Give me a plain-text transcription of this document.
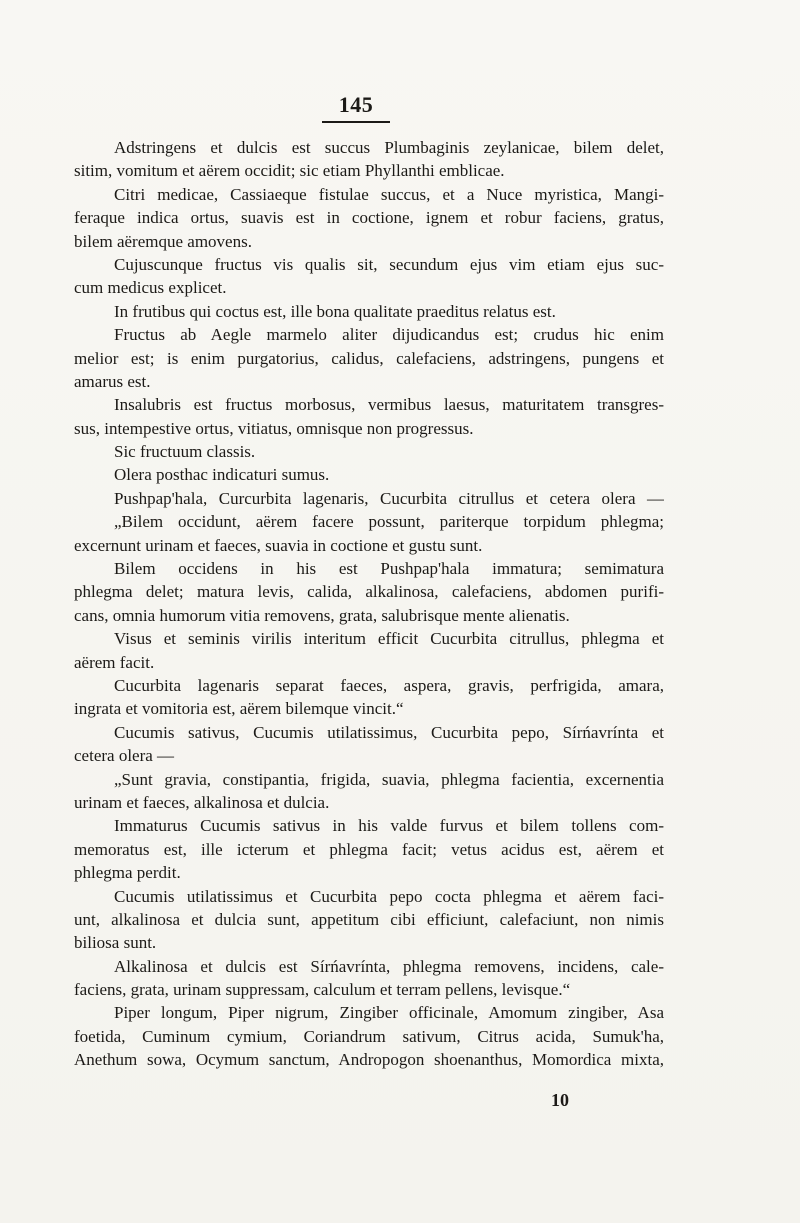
145
Adstringens et dulcis est succus Plumbaginis zeylanicae, bilem delet,
sitim, vomitum et aërem occidit; sic etiam Phyllanthi emblicae.
Citri medicae, Cassiaeque fistulae succus, et a Nuce myristica, Mangi-
feraque indica ortus, suavis est in coctione, ignem et robur faciens, gratus,
bilem aëremque amovens.
Cujuscunque fructus vis qualis sit, secundum ejus vim etiam ejus suc-
cum medicus explicet.
In frutibus qui coctus est, ille bona qualitate praeditus relatus est.
Fructus ab Aegle marmelo aliter dijudicandus est; crudus hic enim
melior est; is enim purgatorius, calidus, calefaciens, adstringens, pungens et
amarus est.
Insalubris est fructus morbosus, vermibus laesus, maturitatem transgres-
sus, intempestive ortus, vitiatus, omnisque non progressus.
Sic fructuum classis.
Olera posthac indicaturi sumus.
Pushpap'hala, Curcurbita lagenaris, Cucurbita citrullus et cetera olera —
„Bilem occidunt, aërem facere possunt, pariterque torpidum phlegma;
excernunt urinam et faeces, suavia in coctione et gustu sunt.
Bilem occidens in his est Pushpap'hala immatura; semimatura
phlegma delet; matura levis, calida, alkalinosa, calefaciens, abdomen purifi-
cans, omnia humorum vitia removens, grata, salubrisque mente alienatis.
Visus et seminis virilis interitum efficit Cucurbita citrullus, phlegma et
aërem facit.
Cucurbita lagenaris separat faeces, aspera, gravis, perfrigida, amara,
ingrata et vomitoria est, aërem bilemque vincit.“
Cucumis sativus, Cucumis utilatissimus, Cucurbita pepo, Sírńavrínta et
cetera olera —
„Sunt gravia, constipantia, frigida, suavia, phlegma facientia, excernentia
urinam et faeces, alkalinosa et dulcia.
Immaturus Cucumis sativus in his valde furvus et bilem tollens com-
memoratus est, ille icterum et phlegma facit; vetus acidus est, aërem et
phlegma perdit.
Cucumis utilatissimus et Cucurbita pepo cocta phlegma et aërem faci-
unt, alkalinosa et dulcia sunt, appetitum cibi efficiunt, calefaciunt, non nimis
biliosa sunt.
Alkalinosa et dulcis est Sírńavrínta, phlegma removens, incidens, cale-
faciens, grata, urinam suppressam, calculum et terram pellens, levisque.“
Piper longum, Piper nigrum, Zingiber officinale, Amomum zingiber, Asa
foetida, Cuminum cymium, Coriandrum sativum, Citrus acida, Sumuk'ha,
Anethum sowa, Ocymum sanctum, Andropogon shoenanthus, Momordica mixta,
10
